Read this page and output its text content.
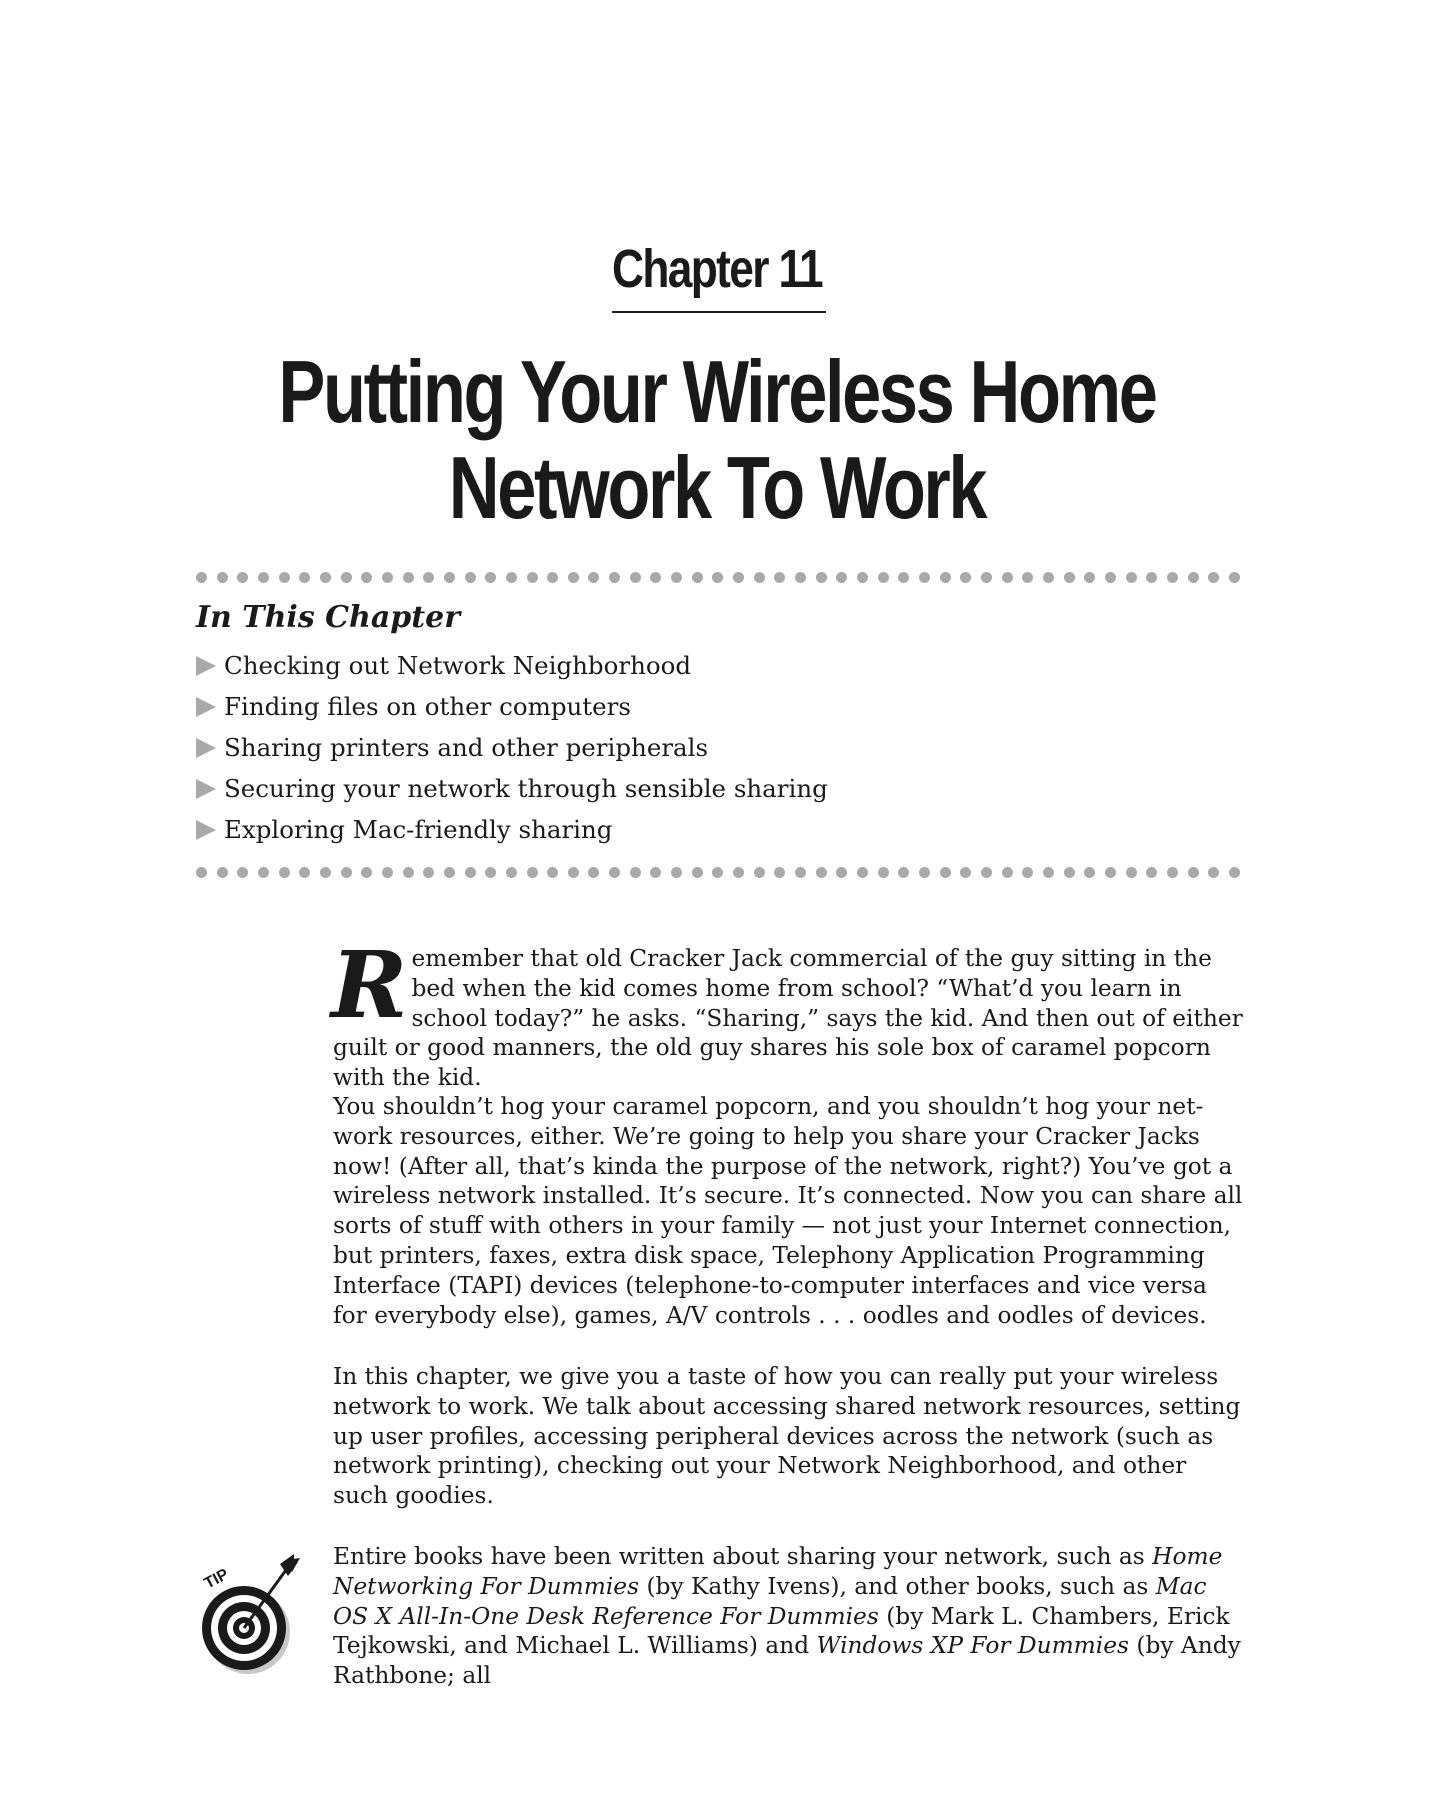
Chapter 11
Putting Your Wireless Home
Network To Work
In This Chapter
Checking out Network Neighborhood
Finding files on other computers
Sharing printers and other peripherals
Securing your network through sensible sharing
Exploring Mac-friendly sharing

Remember that old Cracker Jack commercial of the guy sitting in the bed when the kid comes home from school? “What’d you learn in school today?” he asks. “Sharing,” says the kid. And then out of either guilt or good manners, the old guy shares his sole box of caramel popcorn with the kid.

You shouldn’t hog your caramel popcorn, and you shouldn’t hog your net-work resources, either. We’re going to help you share your Cracker Jacks now! (After all, that’s kinda the purpose of the network, right?) You’ve got a wireless network installed. It’s secure. It’s connected. Now you can share all sorts of stuff with others in your family — not just your Internet connection, but printers, faxes, extra disk space, Telephony Application Programming Interface (TAPI) devices (telephone-to-computer interfaces and vice versa for everybody else), games, A/V controls . . . oodles and oodles of devices.

In this chapter, we give you a taste of how you can really put your wireless network to work. We talk about accessing shared network resources, setting up user profiles, accessing peripheral devices across the network (such as network printing), checking out your Network Neighborhood, and other such goodies.

TIP

Entire books have been written about sharing your network, such as Home Networking For Dummies (by Kathy Ivens), and other books, such as Mac OS X All-In-One Desk Reference For Dummies (by Mark L. Chambers, Erick Tejkowski, and Michael L. Williams) and Windows XP For Dummies (by Andy Rathbone; all
